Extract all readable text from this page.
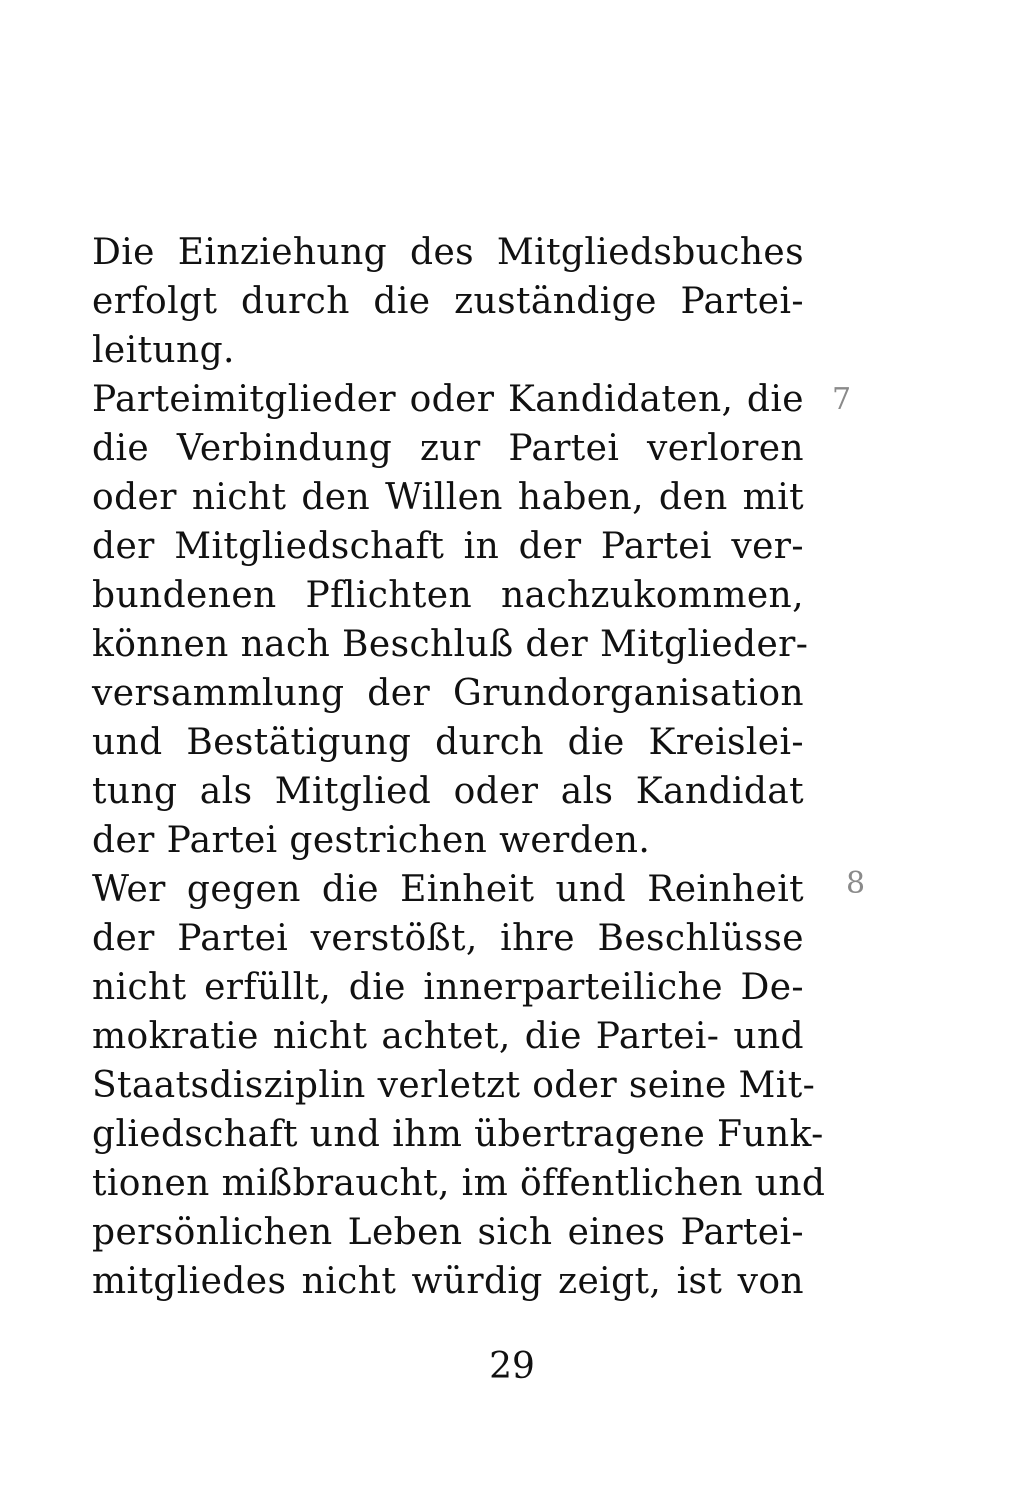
Die Einziehung des Mitgliedsbuches
erfolgt durch die zuständige Partei-
leitung.
Parteimitglieder oder Kandidaten, die
die Verbindung zur Partei verloren
oder nicht den Willen haben, den mit
der Mitgliedschaft in der Partei ver-
bundenen Pflichten nachzukommen,
können nach Beschluß der Mitglieder-
versammlung der Grundorganisation
und Bestätigung durch die Kreislei-
tung als Mitglied oder als Kandidat
der Partei gestrichen werden.
Wer gegen die Einheit und Reinheit
der Partei verstößt, ihre Beschlüsse
nicht erfüllt, die innerparteiliche De-
mokratie nicht achtet, die Partei- und
Staatsdisziplin verletzt oder seine Mit-
gliedschaft und ihm übertragene Funk-
tionen mißbraucht, im öffentlichen und
persönlichen Leben sich eines Partei-
mitgliedes nicht würdig zeigt, ist von
7
8
29
